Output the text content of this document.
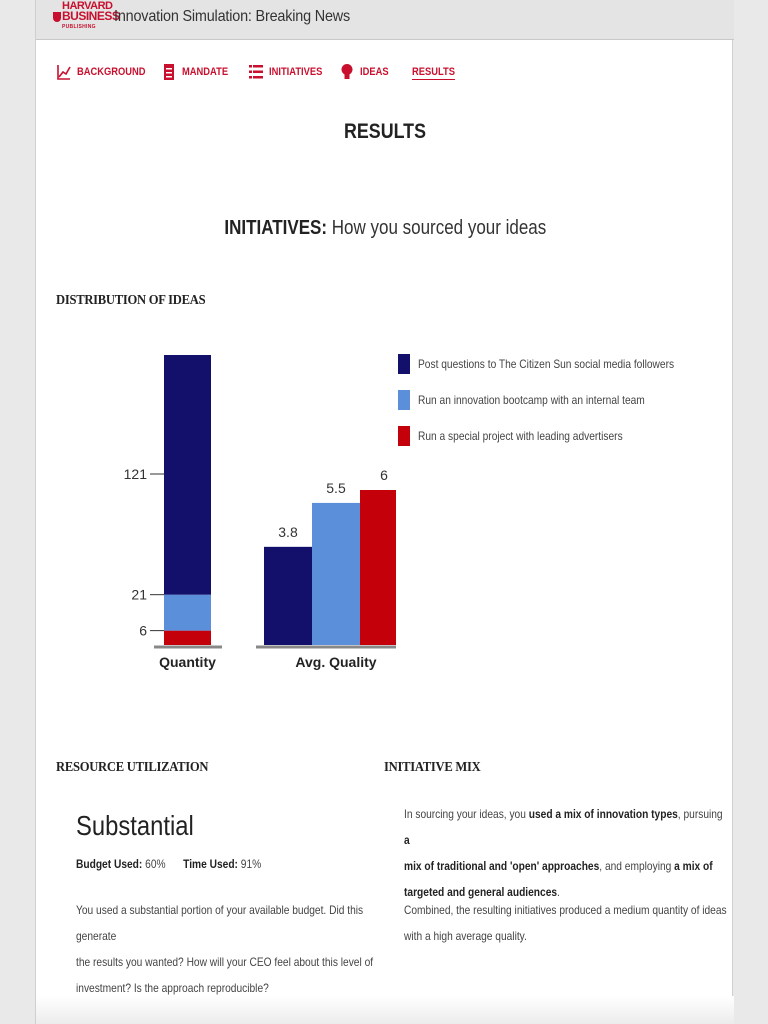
HARVARD
BUSINESS
PUBLISHING
Innovation Simulation: Breaking News
BACKGROUND	MANDATE	INITIATIVES	IDEAS RESULTS
RESULTS
INITIATIVES: How you sourced your ideas
DISTRIBUTION OF IDEAS
6
21
121
Quantity
3.8
5.5
6
Avg. Quality
Post questions to The Citizen Sun social media followers
Run an innovation bootcamp with an internal team
Run a special project with leading advertisers
RESOURCE UTILIZATION	INITIATIVE MIX
Substantial
Budget Used: 60% Time Used: 91%
You used a substantial portion of your available budget. Did this generate
the results you wanted? How will your CEO feel about this level of
investment? Is the approach reproducible?
In sourcing your ideas, you used a mix of innovation types, pursuing a
mix of traditional and 'open' approaches, and employing a mix of
targeted and general audiences.
Combined, the resulting initiatives produced a medium quantity of ideas
with a high average quality.
